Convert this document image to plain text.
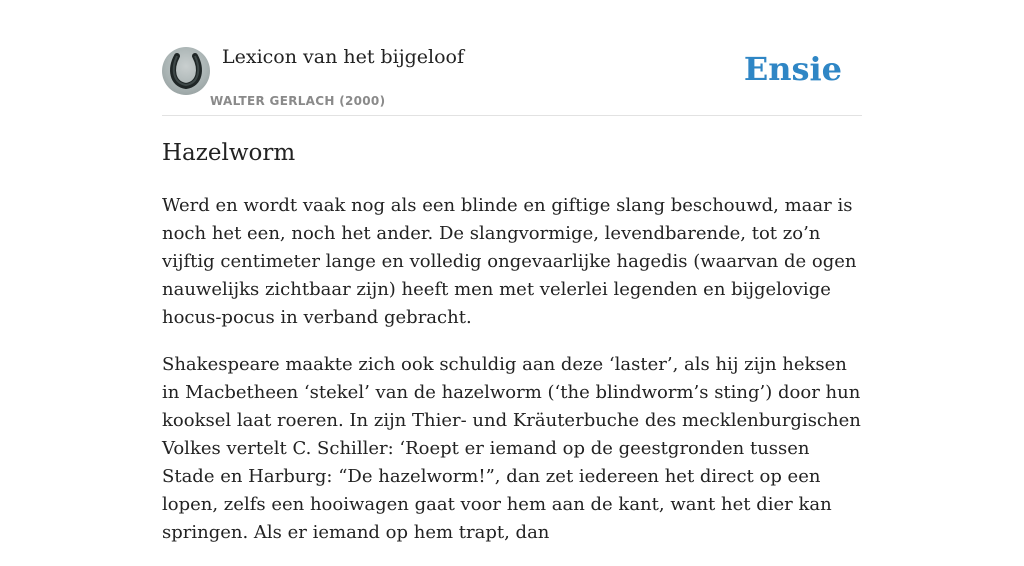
Lexicon van het bijgeloof
WALTER GERLACH (2000)
Ensie
Hazelworm

Werd en wordt vaak nog als een blinde en giftige slang beschouwd, maar is noch het een, noch het ander. De slangvormige, levendbarende, tot zo’n vijftig centimeter lange en volledig ongevaarlijke hagedis (waarvan de ogen nauwelijks zichtbaar zijn) heeft men met velerlei legenden en bijgelovige hocus-pocus in verband gebracht.

Shakespeare maakte zich ook schuldig aan deze ‘laster’, als hij zijn heksen in Macbetheen ‘stekel’ van de hazelworm (‘the blindworm’s sting’) door hun kooksel laat roeren. In zijn Thier- und Kräuterbuche des mecklenburgischen Volkes vertelt C. Schiller: ‘Roept er iemand op de geestgronden tussen Stade en Harburg: “De hazelworm!”, dan zet iedereen het direct op een lopen, zelfs een hooiwagen gaat voor hem aan de kant, want het dier kan springen. Als er iemand op hem trapt, dan
